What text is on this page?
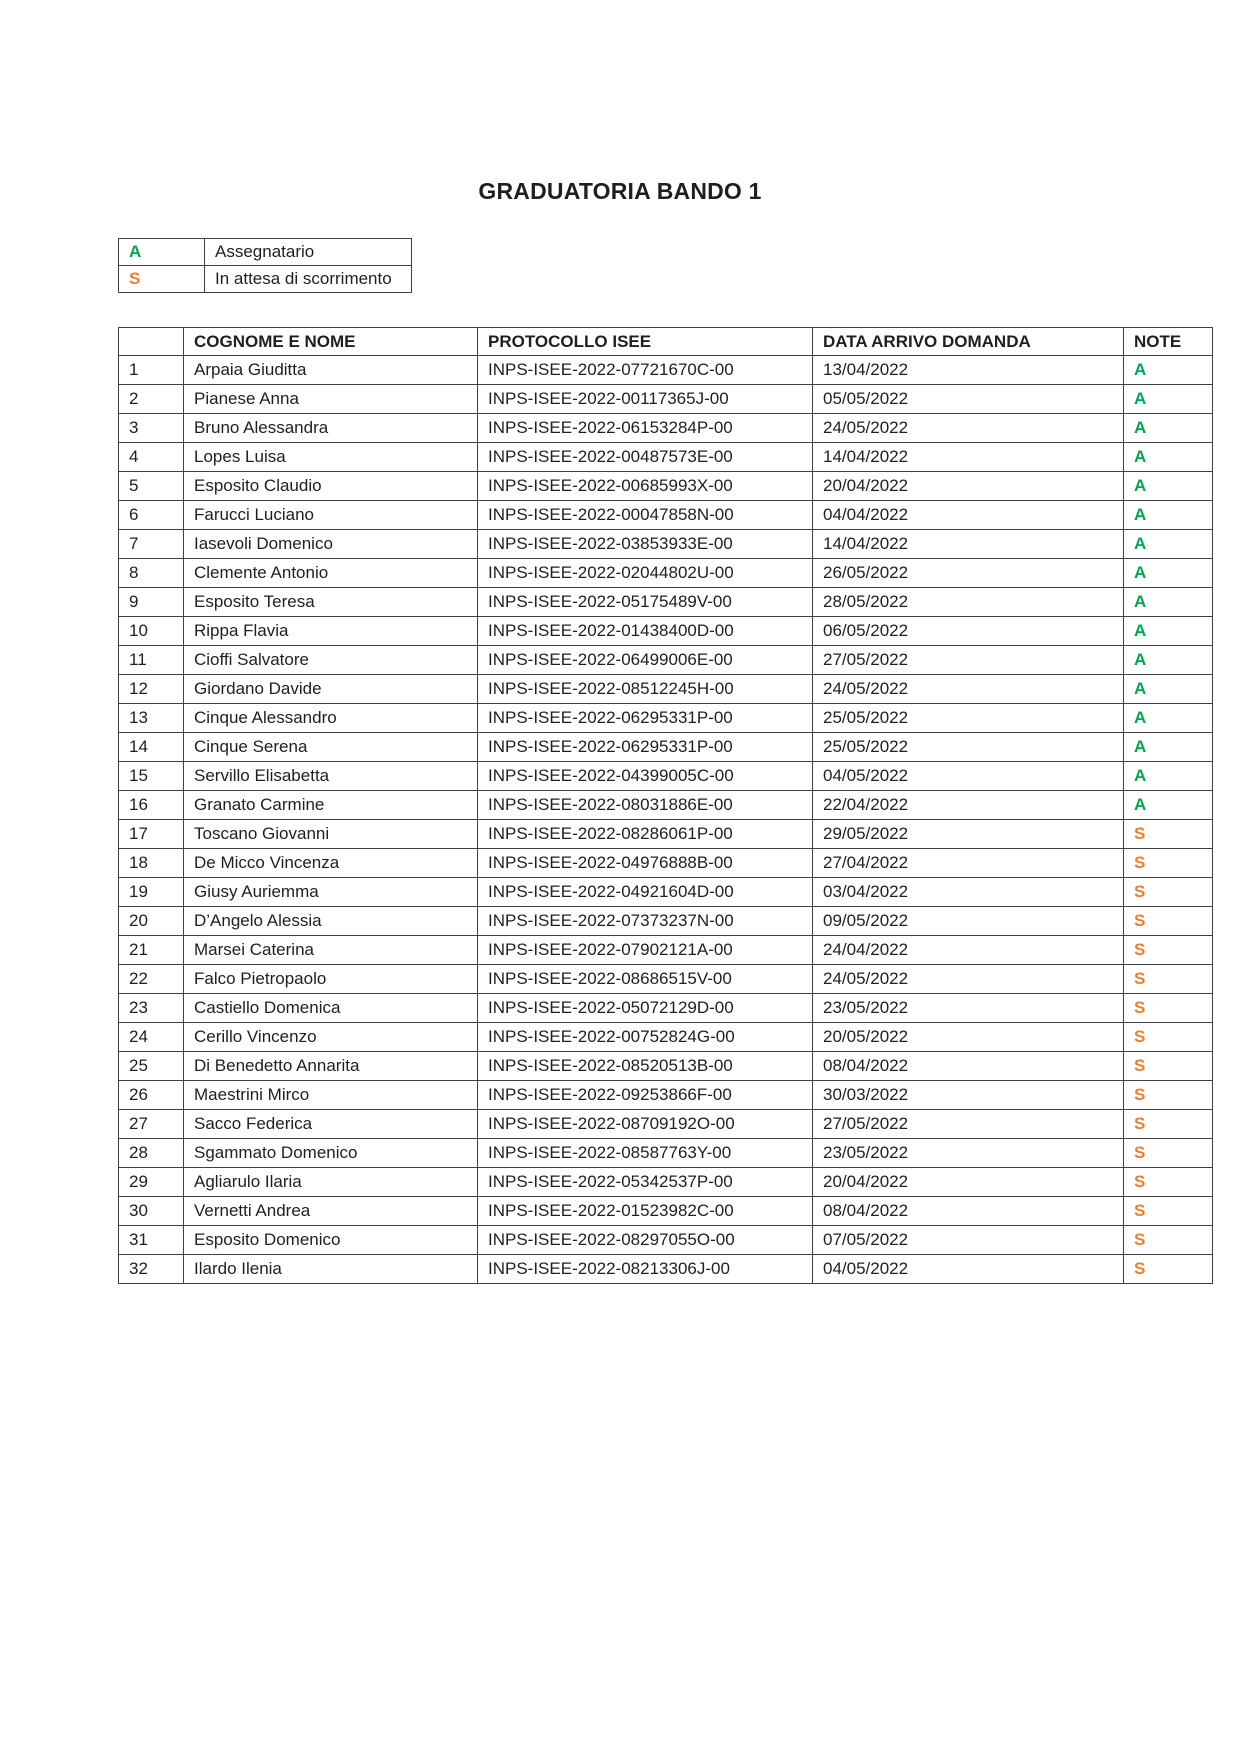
GRADUATORIA BANDO 1
A	Assegnatario
S	In attesa di scorrimento
	COGNOME E NOME	PROTOCOLLO ISEE	DATA ARRIVO DOMANDA	NOTE
1	Arpaia Giuditta	INPS-ISEE-2022-07721670C-00	13/04/2022	A
2	Pianese Anna	INPS-ISEE-2022-00117365J-00	05/05/2022	A
3	Bruno Alessandra	INPS-ISEE-2022-06153284P-00	24/05/2022	A
4	Lopes Luisa	INPS-ISEE-2022-00487573E-00	14/04/2022	A
5	Esposito Claudio	INPS-ISEE-2022-00685993X-00	20/04/2022	A
6	Farucci Luciano	INPS-ISEE-2022-00047858N-00	04/04/2022	A
7	Iasevoli Domenico	INPS-ISEE-2022-03853933E-00	14/04/2022	A
8	Clemente Antonio	INPS-ISEE-2022-02044802U-00	26/05/2022	A
9	Esposito Teresa	INPS-ISEE-2022-05175489V-00	28/05/2022	A
10	Rippa Flavia	INPS-ISEE-2022-01438400D-00	06/05/2022	A
11	Cioffi Salvatore	INPS-ISEE-2022-06499006E-00	27/05/2022	A
12	Giordano Davide	INPS-ISEE-2022-08512245H-00	24/05/2022	A
13	Cinque Alessandro	INPS-ISEE-2022-06295331P-00	25/05/2022	A
14	Cinque Serena	INPS-ISEE-2022-06295331P-00	25/05/2022	A
15	Servillo Elisabetta	INPS-ISEE-2022-04399005C-00	04/05/2022	A
16	Granato Carmine	INPS-ISEE-2022-08031886E-00	22/04/2022	A
17	Toscano Giovanni	INPS-ISEE-2022-08286061P-00	29/05/2022	S
18	De Micco Vincenza	INPS-ISEE-2022-04976888B-00	27/04/2022	S
19	Giusy Auriemma	INPS-ISEE-2022-04921604D-00	03/04/2022	S
20	D’Angelo Alessia	INPS-ISEE-2022-07373237N-00	09/05/2022	S
21	Marsei Caterina	INPS-ISEE-2022-07902121A-00	24/04/2022	S
22	Falco Pietropaolo	INPS-ISEE-2022-08686515V-00	24/05/2022	S
23	Castiello Domenica	INPS-ISEE-2022-05072129D-00	23/05/2022	S
24	Cerillo Vincenzo	INPS-ISEE-2022-00752824G-00	20/05/2022	S
25	Di Benedetto Annarita	INPS-ISEE-2022-08520513B-00	08/04/2022	S
26	Maestrini Mirco	INPS-ISEE-2022-09253866F-00	30/03/2022	S
27	Sacco Federica	INPS-ISEE-2022-08709192O-00	27/05/2022	S
28	Sgammato Domenico	INPS-ISEE-2022-08587763Y-00	23/05/2022	S
29	Agliarulo Ilaria	INPS-ISEE-2022-05342537P-00	20/04/2022	S
30	Vernetti Andrea	INPS-ISEE-2022-01523982C-00	08/04/2022	S
31	Esposito Domenico	INPS-ISEE-2022-08297055O-00	07/05/2022	S
32	Ilardo Ilenia	INPS-ISEE-2022-08213306J-00	04/05/2022	S
